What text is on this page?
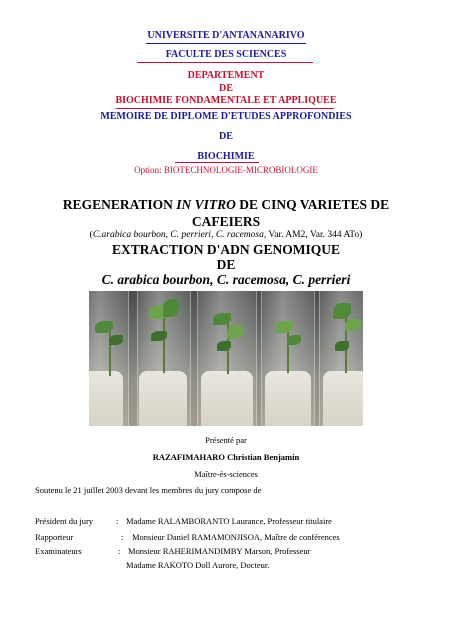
UNIVERSITE D'ANTANANARIVO
FACULTE DES SCIENCES
DEPARTEMENT
DE
BIOCHIMIE FONDAMENTALE ET APPLIQUEE
MEMOIRE DE DIPLOME D'ETUDES APPROFONDIES
DE
BIOCHIMIE
Option: BIOTECHNOLOGIE-MICROBIOLOGIE
REGENERATION IN VITRO DE CINQ VARIETES DE
CAFEIERS
(C.arabica bourbon, C. perrieri, C. racemosa, Var. AM2, Var. 344 ATo)
EXTRACTION D'ADN GENOMIQUE
DE
C. arabica bourbon, C. racemosa, C. perrieri
Présenté par
RAZAFIMAHARO Christian Benjamin
Maître-ès-sciences
Soutenu le 21 juillet 2003 devant les membres du jury compose de
Président du jury	: Madame RALAMBORANTO Laurance, Professeur titulaire
Rapporteur	: Monsieur Daniel RAMAMONJISOA, Maître de conférences
Examinateurs	: Monsieur RAHERIMANDIMBY Marson, Professeur
Madame RAKOTO Doll Aurore, Docteur.
